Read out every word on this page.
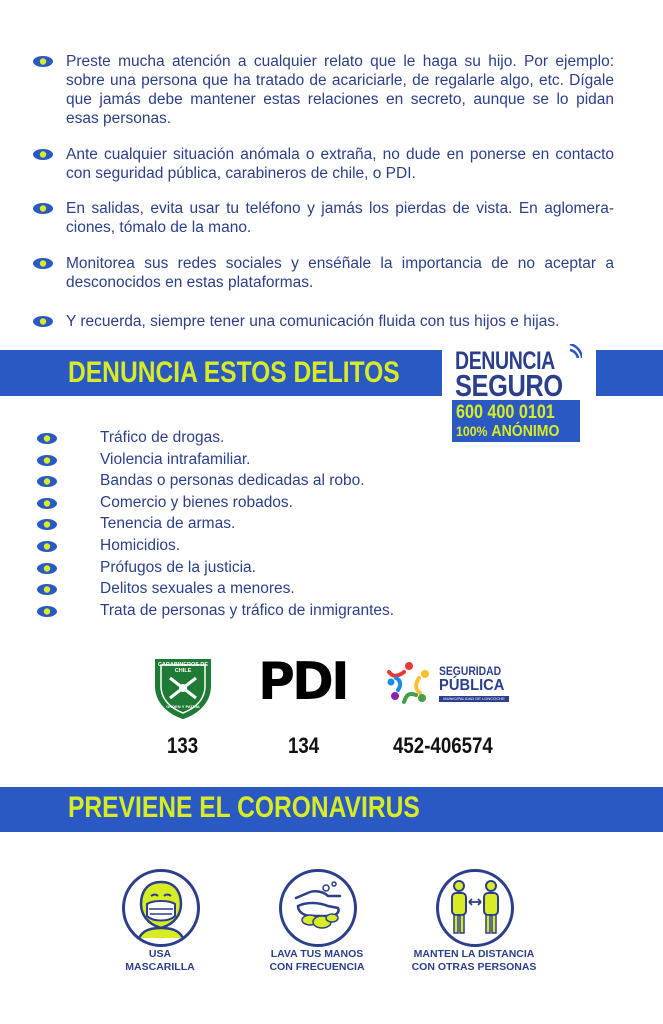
Preste mucha atención a cualquier relato que le haga su hijo. Por ejemplo: sobre una persona que ha tratado de acariciarle, de regalarle algo, etc. Dígale que jamás debe mantener estas relaciones en secreto, aunque se lo pidan esas personas.
Ante cualquier situación anómala o extraña, no dude en ponerse en contacto con seguridad pública, carabineros de chile, o PDI.
En salidas, evita usar tu teléfono y jamás los pierdas de vista. En aglomera-ciones, tómalo de la mano.
Monitorea sus redes sociales y enséñale la importancia de no aceptar a desconocidos en estas plataformas.
Y recuerda, siempre tener una comunicación fluida con tus hijos e hijas.
DENUNCIA ESTOS DELITOS DENUNCIA
SEGURO
600 400 0101
100% ANÓNIMO
Tráfico de drogas.
Violencia intrafamiliar.
Bandas o personas dedicadas al robo.
Comercio y bienes robados.
Tenencia de armas.
Homicidios.
Prófugos de la justicia.
Delitos sexuales a menores.
Trata de personas y tráfico de inmigrantes.
CARABINEROS DE
CHILE
ORDEN Y PATRIA	PDI	SEGURIDAD
PÚBLICA
MUNICIPALIDAD DE LONCOCHE
133	134	452-406574
PREVIENE EL CORONAVIRUS
USA
MASCARILLA
LAVA TUS MANOS
CON FRECUENCIA
MANTEN LA DISTANCIA
CON OTRAS PERSONAS
